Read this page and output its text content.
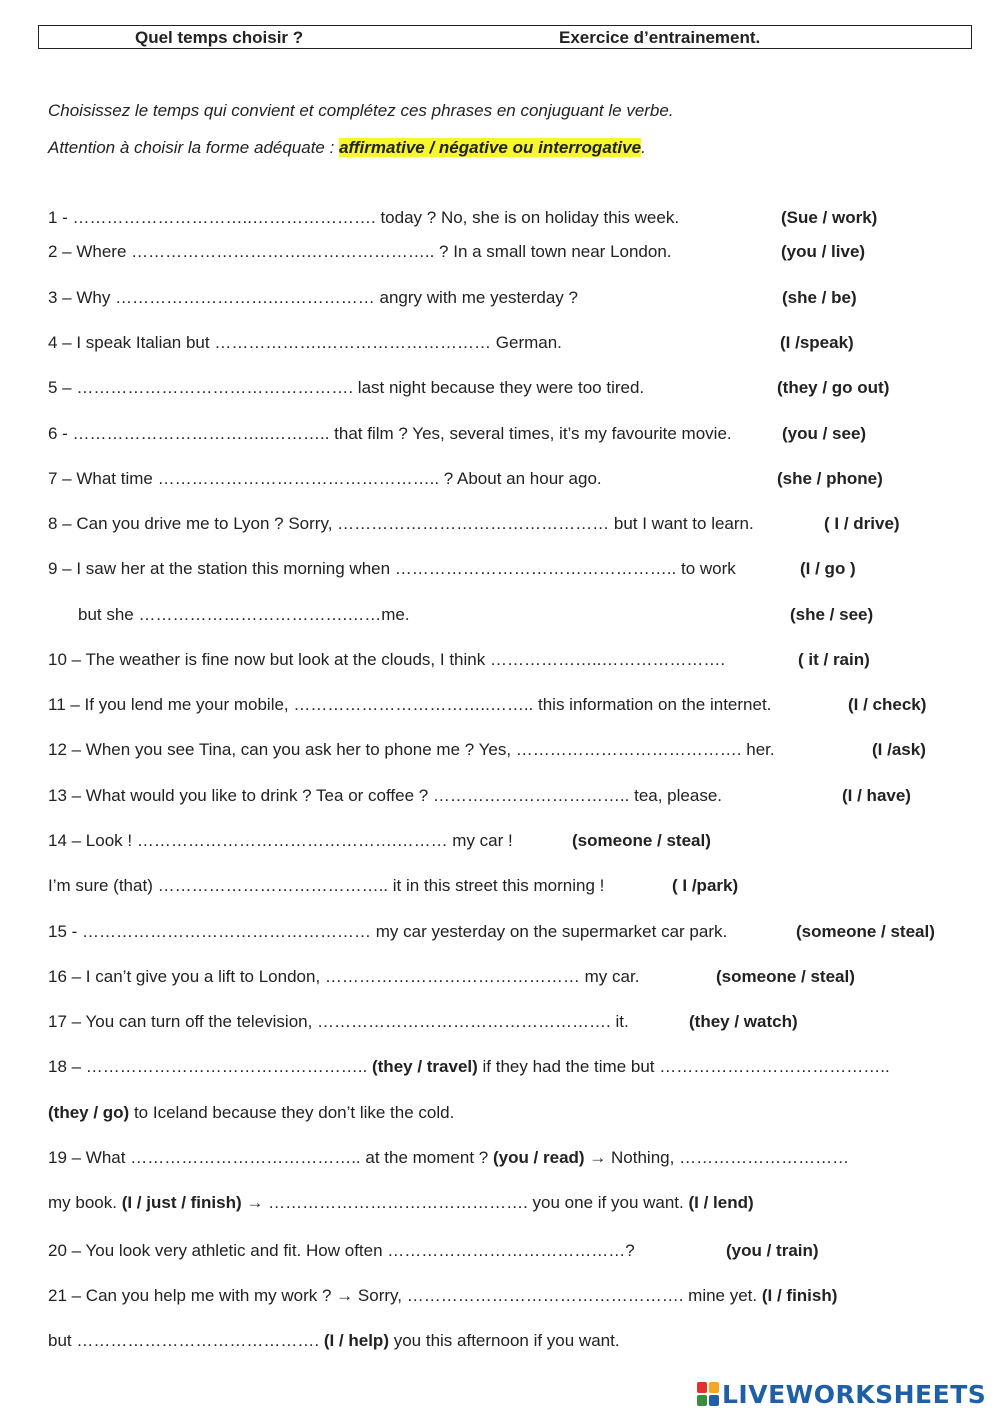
Quel temps choisir ?	Exercice d’entrainement.
Choisissez le temps qui convient et complétez ces phrases en conjuguant le verbe.
Attention à choisir la forme adéquate : affirmative / négative ou interrogative.
1 - …………………………..…………………. today ? No, she is on holiday this week.	(Sue / work)
2 – Where ………………………….………………….. ? In a small town near London.	(you / live)
3 – Why ……………………….……………… angry with me yesterday ?	(she / be)
4 – I speak Italian but ……………….………………………… German.	(I /speak)
5 – …………………………………………. last night because they were too tired.	(they / go out)
6 - ……………………………..……….. that film ? Yes, several times, it’s my favourite movie.	(you / see)
7 – What time ………………………………………….. ? About an hour ago.	(she / phone)
8 – Can you drive me to Lyon ? Sorry, ………………………………………… but I want to learn.	( I / drive)
9 – I saw her at the station this morning when ………………………………………….. to work	(I / go )
but she ……………………………….……me.	(she / see)
10 – The weather is fine now but look at the clouds, I think ………………..………………….	( it / rain)
11 – If you lend me your mobile, ……………………………..…….. this information on the internet.	(I / check)
12 – When you see Tina, can you ask her to phone me ? Yes, …………………………………. her.	(I /ask)
13 – What would you like to drink ? Tea or coffee ? …………………………….. tea, please.	(I / have)
14 – Look ! ……………………………………….……… my car !	(someone / steal)
I’m sure (that) ………………………………….. it in this street this morning !	( I /park)
15 - …………………………………………… my car yesterday on the supermarket car park.	(someone / steal)
16 – I can’t give you a lift to London, ……………………………………… my car.	(someone / steal)
17 – You can turn off the television, ……………………………………………. it.	(they / watch)
18 – ………………………………………….. (they / travel) if they had the time but …………………………………..
(they / go) to Iceland because they don’t like the cold.
19 – What ………………………………….. at the moment ? (you / read) → Nothing, …………………………
my book. (I / just / finish) → ………………………………………. you one if you want. (I / lend)
20 – You look very athletic and fit. How often ……………………………………?	(you / train)
21 – Can you help me with my work ? → Sorry, …………………………………………. mine yet. (I / finish)
but ……………………………………. (I / help) you this afternoon if you want.
LIVEWORKSHEETS
